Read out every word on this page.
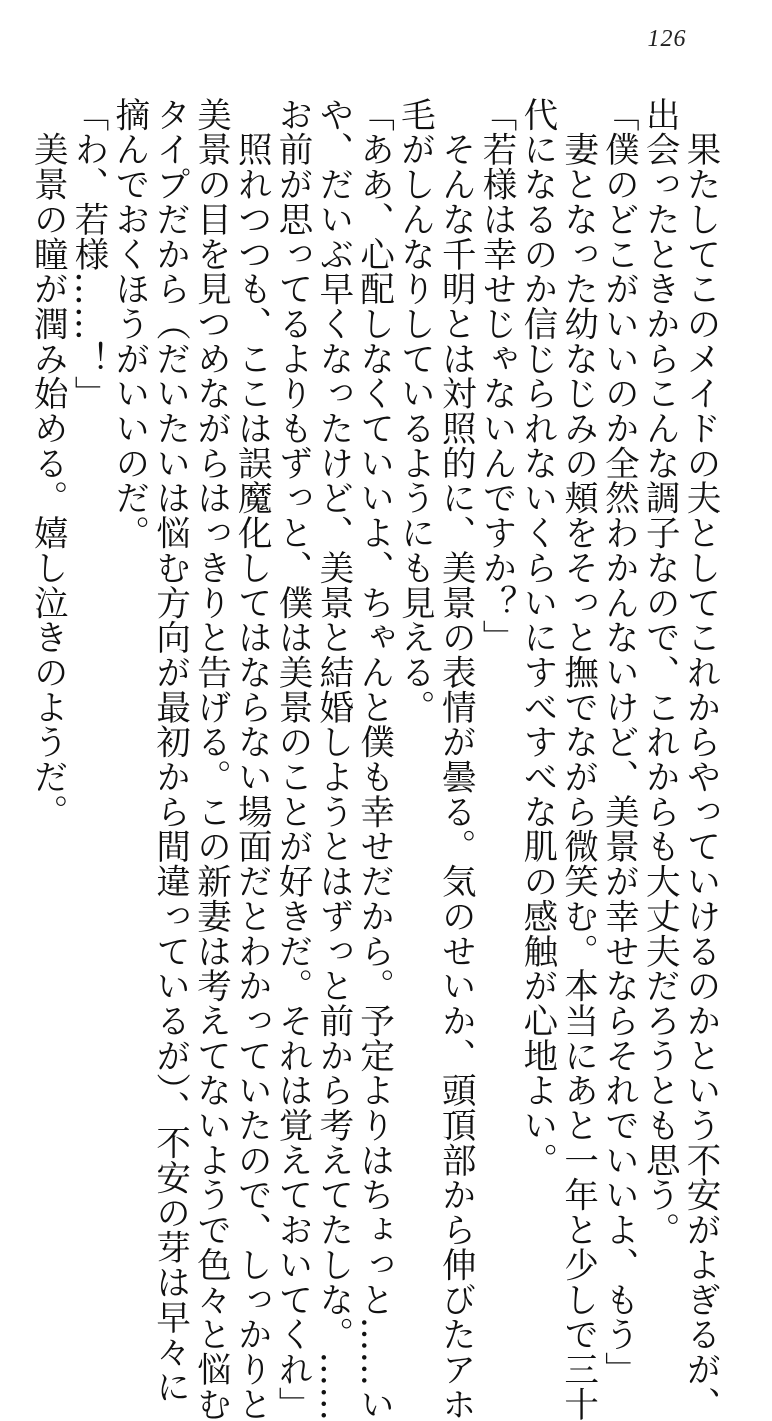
126
　果たしてこのメイドの夫としてこれからやっていけるのかという不安がよぎるが、
出会ったときからこんな調子なので、これからも大丈夫だろうとも思う。
「僕のどこがいいのか全然わかんないけど、美景が幸せならそれでいいよ、もう」
　妻となった幼なじみの頬をそっと撫でながら微笑む。本当にあと一年と少しで三十
代になるのか信じられないくらいにすべすべな肌の感触が心地よい。
「若様は幸せじゃないんですか？」
　そんな千明とは対照的に、美景の表情が曇る。気のせいか、頭頂部から伸びたアホ
毛がしんなりしているようにも見える。
「ああ、心配しなくていいよ、ちゃんと僕も幸せだから。予定よりはちょっと……い
や、だいぶ早くなったけど、美景と結婚しようとはずっと前から考えてたしな。……
お前が思ってるよりもずっと、僕は美景のことが好きだ。それは覚えておいてくれ」
　照れつつも、ここは誤魔化してはならない場面だとわかっていたので、しっかりと
美景の目を見つめながらはっきりと告げる。この新妻は考えてないようで色々と悩む
タイプだから（だいたいは悩む方向が最初から間違っているが）、不安の芽は早々に
摘んでおくほうがいいのだ。
「わ、若様……！」
　美景の瞳が潤み始める。嬉し泣きのようだ。
